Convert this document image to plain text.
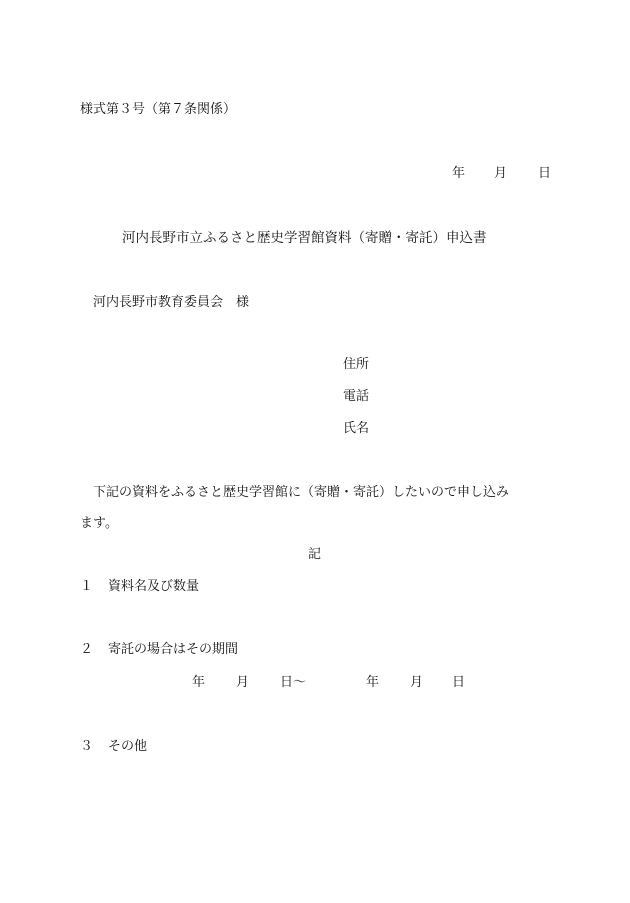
様式第３号（第７条関係）
年 月 日
河内長野市立ふるさと歴史学習館資料（寄贈・寄託）申込書
河内長野市教育委員会　様
住所
電話
氏名
下記の資料をふるさと歴史学習館に（寄贈・寄託）したいので申し込み
ます。
記
１ 資料名及び数量
２ 寄託の場合はその期間
年 月 日〜	年 月 日
３ その他
